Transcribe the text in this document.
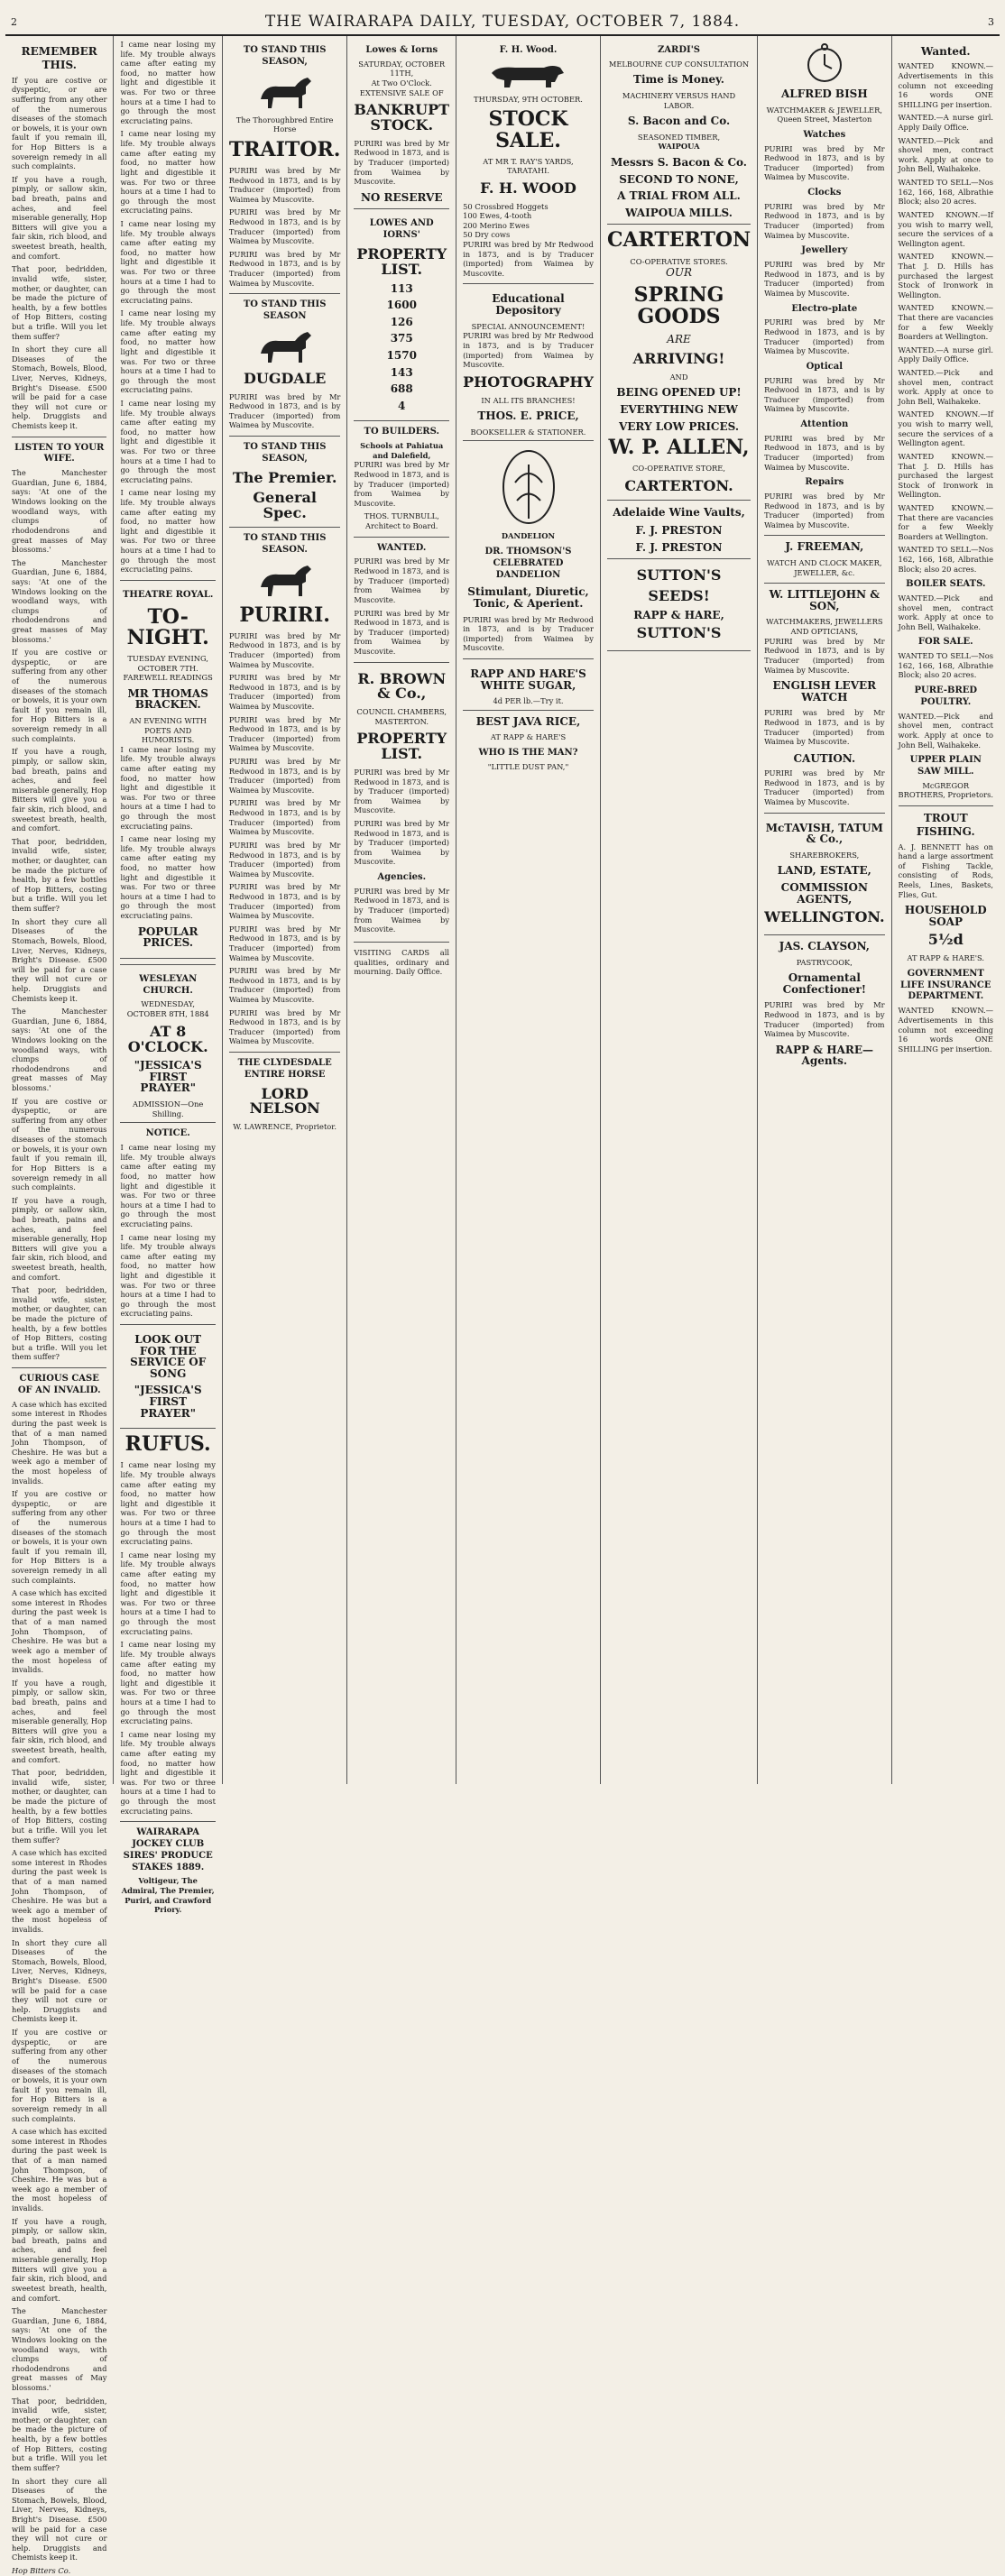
2	THE WAIRARAPA DAILY, TUESDAY, OCTOBER 7, 1884.	3
REMEMBER THIS.

If you are costive or dyspeptic, or are suffering from any other of the numerous diseases of the stomach or bowels, it is your own fault if you remain ill, for Hop Bitters is a sovereign remedy in all such complaints.

If you have a rough, pimply, or sallow skin, bad breath, pains and aches, and feel miserable generally, Hop Bitters will give you a fair skin, rich blood, and sweetest breath, health, and comfort.

That poor, bedridden, invalid wife, sister, mother, or daughter, can be made the picture of health, by a few bottles of Hop Bitters, costing but a trifle. Will you let them suffer?

In short they cure all Diseases of the Stomach, Bowels, Blood, Liver, Nerves, Kidneys, Bright's Disease. £500 will be paid for a case they will not cure or help. Druggists and Chemists keep it.

LISTEN TO YOUR WIFE.

The Manchester Guardian, June 6, 1884, says: 'At one of the Windows looking on the woodland ways, with clumps of rhododendrons and great masses of May blossoms.'

The Manchester Guardian, June 6, 1884, says: 'At one of the Windows looking on the woodland ways, with clumps of rhododendrons and great masses of May blossoms.'

If you are costive or dyspeptic, or are suffering from any other of the numerous diseases of the stomach or bowels, it is your own fault if you remain ill, for Hop Bitters is a sovereign remedy in all such complaints.

If you have a rough, pimply, or sallow skin, bad breath, pains and aches, and feel miserable generally, Hop Bitters will give you a fair skin, rich blood, and sweetest breath, health, and comfort.

That poor, bedridden, invalid wife, sister, mother, or daughter, can be made the picture of health, by a few bottles of Hop Bitters, costing but a trifle. Will you let them suffer?

In short they cure all Diseases of the Stomach, Bowels, Blood, Liver, Nerves, Kidneys, Bright's Disease. £500 will be paid for a case they will not cure or help. Druggists and Chemists keep it.

The Manchester Guardian, June 6, 1884, says: 'At one of the Windows looking on the woodland ways, with clumps of rhododendrons and great masses of May blossoms.'

If you are costive or dyspeptic, or are suffering from any other of the numerous diseases of the stomach or bowels, it is your own fault if you remain ill, for Hop Bitters is a sovereign remedy in all such complaints.

If you have a rough, pimply, or sallow skin, bad breath, pains and aches, and feel miserable generally, Hop Bitters will give you a fair skin, rich blood, and sweetest breath, health, and comfort.

That poor, bedridden, invalid wife, sister, mother, or daughter, can be made the picture of health, by a few bottles of Hop Bitters, costing but a trifle. Will you let them suffer?

CURIOUS CASE OF AN INVALID.

A case which has excited some interest in Rhodes during the past week is that of a man named John Thompson, of Cheshire. He was but a week ago a member of the most hopeless of invalids.

If you are costive or dyspeptic, or are suffering from any other of the numerous diseases of the stomach or bowels, it is your own fault if you remain ill, for Hop Bitters is a sovereign remedy in all such complaints.

A case which has excited some interest in Rhodes during the past week is that of a man named John Thompson, of Cheshire. He was but a week ago a member of the most hopeless of invalids.

If you have a rough, pimply, or sallow skin, bad breath, pains and aches, and feel miserable generally, Hop Bitters will give you a fair skin, rich blood, and sweetest breath, health, and comfort.

That poor, bedridden, invalid wife, sister, mother, or daughter, can be made the picture of health, by a few bottles of Hop Bitters, costing but a trifle. Will you let them suffer?

A case which has excited some interest in Rhodes during the past week is that of a man named John Thompson, of Cheshire. He was but a week ago a member of the most hopeless of invalids.

In short they cure all Diseases of the Stomach, Bowels, Blood, Liver, Nerves, Kidneys, Bright's Disease. £500 will be paid for a case they will not cure or help. Druggists and Chemists keep it.

If you are costive or dyspeptic, or are suffering from any other of the numerous diseases of the stomach or bowels, it is your own fault if you remain ill, for Hop Bitters is a sovereign remedy in all such complaints.

A case which has excited some interest in Rhodes during the past week is that of a man named John Thompson, of Cheshire. He was but a week ago a member of the most hopeless of invalids.

If you have a rough, pimply, or sallow skin, bad breath, pains and aches, and feel miserable generally, Hop Bitters will give you a fair skin, rich blood, and sweetest breath, health, and comfort.

The Manchester Guardian, June 6, 1884, says: 'At one of the Windows looking on the woodland ways, with clumps of rhododendrons and great masses of May blossoms.'

That poor, bedridden, invalid wife, sister, mother, or daughter, can be made the picture of health, by a few bottles of Hop Bitters, costing but a trifle. Will you let them suffer?

In short they cure all Diseases of the Stomach, Bowels, Blood, Liver, Nerves, Kidneys, Bright's Disease. £500 will be paid for a case they will not cure or help. Druggists and Chemists keep it.

Hop Bitters Co.

I came near losing my life. My trouble always came after eating my food, no matter how light and digestible it was. For two or three hours at a time I had to go through the most excruciating pains.

I came near losing my life. My trouble always came after eating my food, no matter how light and digestible it was. For two or three hours at a time I had to go through the most excruciating pains.

I came near losing my life. My trouble always came after eating my food, no matter how light and digestible it was. For two or three hours at a time I had to go through the most excruciating pains.

I came near losing my life. My trouble always came after eating my food, no matter how light and digestible it was. For two or three hours at a time I had to go through the most excruciating pains.

I came near losing my life. My trouble always came after eating my food, no matter how light and digestible it was. For two or three hours at a time I had to go through the most excruciating pains.

I came near losing my life. My trouble always came after eating my food, no matter how light and digestible it was. For two or three hours at a time I had to go through the most excruciating pains.

THEATRE ROYAL.
TO-NIGHT.
TUESDAY EVENING, OCTOBER 7TH.
FAREWELL READINGS
MR THOMAS BRACKEN.
AN EVENING WITH POETS AND HUMORISTS.

I came near losing my life. My trouble always came after eating my food, no matter how light and digestible it was. For two or three hours at a time I had to go through the most excruciating pains.

I came near losing my life. My trouble always came after eating my food, no matter how light and digestible it was. For two or three hours at a time I had to go through the most excruciating pains.

POPULAR PRICES.
WESLEYAN CHURCH.
WEDNESDAY, OCTOBER 8TH, 1884
AT 8 O'CLOCK.
"JESSICA'S FIRST PRAYER"
ADMISSION—One Shilling.
NOTICE.

I came near losing my life. My trouble always came after eating my food, no matter how light and digestible it was. For two or three hours at a time I had to go through the most excruciating pains.

I came near losing my life. My trouble always came after eating my food, no matter how light and digestible it was. For two or three hours at a time I had to go through the most excruciating pains.

LOOK OUT FOR THE SERVICE OF SONG
"JESSICA'S FIRST PRAYER"
RUFUS.

I came near losing my life. My trouble always came after eating my food, no matter how light and digestible it was. For two or three hours at a time I had to go through the most excruciating pains.

I came near losing my life. My trouble always came after eating my food, no matter how light and digestible it was. For two or three hours at a time I had to go through the most excruciating pains.

I came near losing my life. My trouble always came after eating my food, no matter how light and digestible it was. For two or three hours at a time I had to go through the most excruciating pains.

I came near losing my life. My trouble always came after eating my food, no matter how light and digestible it was. For two or three hours at a time I had to go through the most excruciating pains.

WAIRARAPA JOCKEY CLUB SIRES' PRODUCE STAKES 1889.
Voltigeur, The Admiral, The Premier, Puriri, and Crawford Priory.
TO STAND THIS SEASON,
The Thoroughbred Entire Horse
TRAITOR.

PURIRI was bred by Mr Redwood in 1873, and is by Traducer (imported) from Waimea by Muscovite.

PURIRI was bred by Mr Redwood in 1873, and is by Traducer (imported) from Waimea by Muscovite.

PURIRI was bred by Mr Redwood in 1873, and is by Traducer (imported) from Waimea by Muscovite.

TO STAND THIS SEASON
DUGDALE

PURIRI was bred by Mr Redwood in 1873, and is by Traducer (imported) from Waimea by Muscovite.

TO STAND THIS SEASON,
The Premier.
General Spec.
TO STAND THIS SEASON.
PURIRI.

PURIRI was bred by Mr Redwood in 1873, and is by Traducer (imported) from Waimea by Muscovite.

PURIRI was bred by Mr Redwood in 1873, and is by Traducer (imported) from Waimea by Muscovite.

PURIRI was bred by Mr Redwood in 1873, and is by Traducer (imported) from Waimea by Muscovite.

PURIRI was bred by Mr Redwood in 1873, and is by Traducer (imported) from Waimea by Muscovite.

PURIRI was bred by Mr Redwood in 1873, and is by Traducer (imported) from Waimea by Muscovite.

PURIRI was bred by Mr Redwood in 1873, and is by Traducer (imported) from Waimea by Muscovite.

PURIRI was bred by Mr Redwood in 1873, and is by Traducer (imported) from Waimea by Muscovite.

PURIRI was bred by Mr Redwood in 1873, and is by Traducer (imported) from Waimea by Muscovite.

PURIRI was bred by Mr Redwood in 1873, and is by Traducer (imported) from Waimea by Muscovite.

PURIRI was bred by Mr Redwood in 1873, and is by Traducer (imported) from Waimea by Muscovite.

THE CLYDESDALE ENTIRE HORSE
LORD NELSON
W. LAWRENCE, Proprietor.
Lowes & Iorns
SATURDAY, OCTOBER 11TH,
At Two O'Clock.
EXTENSIVE SALE OF
BANKRUPT STOCK.

PURIRI was bred by Mr Redwood in 1873, and is by Traducer (imported) from Waimea by Muscovite.

NO RESERVE
LOWES AND IORNS'
PROPERTY LIST.
113
1600
126
375
1570
143
688
4
TO BUILDERS.
Schools at Pahiatua and Dalefield,

PURIRI was bred by Mr Redwood in 1873, and is by Traducer (imported) from Waimea by Muscovite.

THOS. TURNBULL, Architect to Board.
WANTED.

PURIRI was bred by Mr Redwood in 1873, and is by Traducer (imported) from Waimea by Muscovite.

PURIRI was bred by Mr Redwood in 1873, and is by Traducer (imported) from Waimea by Muscovite.

R. BROWN & Co.,
COUNCIL CHAMBERS, MASTERTON.
PROPERTY LIST.

PURIRI was bred by Mr Redwood in 1873, and is by Traducer (imported) from Waimea by Muscovite.

PURIRI was bred by Mr Redwood in 1873, and is by Traducer (imported) from Waimea by Muscovite.

Agencies.

PURIRI was bred by Mr Redwood in 1873, and is by Traducer (imported) from Waimea by Muscovite.

VISITING CARDS all qualities, ordinary and mourning. Daily Office.

F. H. Wood.
THURSDAY, 9TH OCTOBER.
STOCK SALE.
AT MR T. RAY'S YARDS, TARATAHI.
F. H. WOOD
50 Crossbred Hoggets
100 Ewes, 4-tooth
200 Merino Ewes
50 Dry cows

PURIRI was bred by Mr Redwood in 1873, and is by Traducer (imported) from Waimea by Muscovite.

Educational Depository
SPECIAL ANNOUNCEMENT!

PURIRI was bred by Mr Redwood in 1873, and is by Traducer (imported) from Waimea by Muscovite.

PHOTOGRAPHY
IN ALL ITS BRANCHES!
THOS. E. PRICE,
BOOKSELLER & STATIONER.
DANDELION
DR. THOMSON'S CELEBRATED DANDELION
Stimulant, Diuretic, Tonic, & Aperient.

PURIRI was bred by Mr Redwood in 1873, and is by Traducer (imported) from Waimea by Muscovite.

RAPP AND HARE'S WHITE SUGAR,
4d PER lb.—Try it.
BEST JAVA RICE,
AT RAPP & HARE'S
WHO IS THE MAN?
"LITTLE DUST PAN,"
ZARDI'S
MELBOURNE CUP CONSULTATION
Time is Money.
MACHINERY VERSUS HAND LABOR.
S. Bacon and Co.
SEASONED TIMBER,
WAIPOUA
Messrs S. Bacon & Co.
SECOND TO NONE,
A TRIAL FROM ALL.
WAIPOUA MILLS.
CARTERTON
CO-OPERATIVE STORES.
OUR
SPRING GOODS
ARE
ARRIVING!
AND
BEING OPENED UP!
EVERYTHING NEW
VERY LOW PRICES.
W. P. ALLEN,
CO-OPERATIVE STORE,
CARTERTON.
Adelaide Wine Vaults,
F. J. PRESTON
F. J. PRESTON
SUTTON'S
SEEDS!
RAPP & HARE,
SUTTON'S
ALFRED BISH
WATCHMAKER & JEWELLER,
Queen Street, Masterton
Watches

PURIRI was bred by Mr Redwood in 1873, and is by Traducer (imported) from Waimea by Muscovite.

Clocks

PURIRI was bred by Mr Redwood in 1873, and is by Traducer (imported) from Waimea by Muscovite.

Jewellery

PURIRI was bred by Mr Redwood in 1873, and is by Traducer (imported) from Waimea by Muscovite.

Electro-plate

PURIRI was bred by Mr Redwood in 1873, and is by Traducer (imported) from Waimea by Muscovite.

Optical

PURIRI was bred by Mr Redwood in 1873, and is by Traducer (imported) from Waimea by Muscovite.

Attention

PURIRI was bred by Mr Redwood in 1873, and is by Traducer (imported) from Waimea by Muscovite.

Repairs

PURIRI was bred by Mr Redwood in 1873, and is by Traducer (imported) from Waimea by Muscovite.

J. FREEMAN,
WATCH AND CLOCK MAKER, JEWELLER, &c.
W. LITTLEJOHN & SON,
WATCHMAKERS, JEWELLERS AND OPTICIANS,

PURIRI was bred by Mr Redwood in 1873, and is by Traducer (imported) from Waimea by Muscovite.

ENGLISH LEVER WATCH

PURIRI was bred by Mr Redwood in 1873, and is by Traducer (imported) from Waimea by Muscovite.

CAUTION.

PURIRI was bred by Mr Redwood in 1873, and is by Traducer (imported) from Waimea by Muscovite.

McTAVISH, TATUM & Co.,
SHAREBROKERS,
LAND, ESTATE,
COMMISSION AGENTS,
WELLINGTON.
JAS. CLAYSON,
PASTRYCOOK,
Ornamental Confectioner!

PURIRI was bred by Mr Redwood in 1873, and is by Traducer (imported) from Waimea by Muscovite.

RAPP & HARE—Agents.
Wanted.

WANTED KNOWN.—Advertisements in this column not exceeding 16 words ONE SHILLING per insertion.

WANTED.—A nurse girl. Apply Daily Office.

WANTED.—Pick and shovel men, contract work. Apply at once to John Bell, Waihakeke.

WANTED TO SELL—Nos 162, 166, 168, Albrathie Block; also 20 acres.

WANTED KNOWN.—If you wish to marry well, secure the services of a Wellington agent.

WANTED KNOWN.—That J. D. Hills has purchased the largest Stock of Ironwork in Wellington.

WANTED KNOWN.—That there are vacancies for a few Weekly Boarders at Wellington.

WANTED.—A nurse girl. Apply Daily Office.

WANTED.—Pick and shovel men, contract work. Apply at once to John Bell, Waihakeke.

WANTED KNOWN.—If you wish to marry well, secure the services of a Wellington agent.

WANTED KNOWN.—That J. D. Hills has purchased the largest Stock of Ironwork in Wellington.

WANTED KNOWN.—That there are vacancies for a few Weekly Boarders at Wellington.

WANTED TO SELL—Nos 162, 166, 168, Albrathie Block; also 20 acres.

BOILER SEATS.

WANTED.—Pick and shovel men, contract work. Apply at once to John Bell, Waihakeke.

FOR SALE.

WANTED TO SELL—Nos 162, 166, 168, Albrathie Block; also 20 acres.

PURE-BRED POULTRY.

WANTED.—Pick and shovel men, contract work. Apply at once to John Bell, Waihakeke.

UPPER PLAIN SAW MILL.
McGREGOR BROTHERS, Proprietors.
TROUT FISHING.

A. J. BENNETT has on hand a large assortment of Fishing Tackle, consisting of Rods, Reels, Lines, Baskets, Flies, Gut.

HOUSEHOLD SOAP
5½d
AT RAPP & HARE'S.
GOVERNMENT LIFE INSURANCE DEPARTMENT.

WANTED KNOWN.—Advertisements in this column not exceeding 16 words ONE SHILLING per insertion.
